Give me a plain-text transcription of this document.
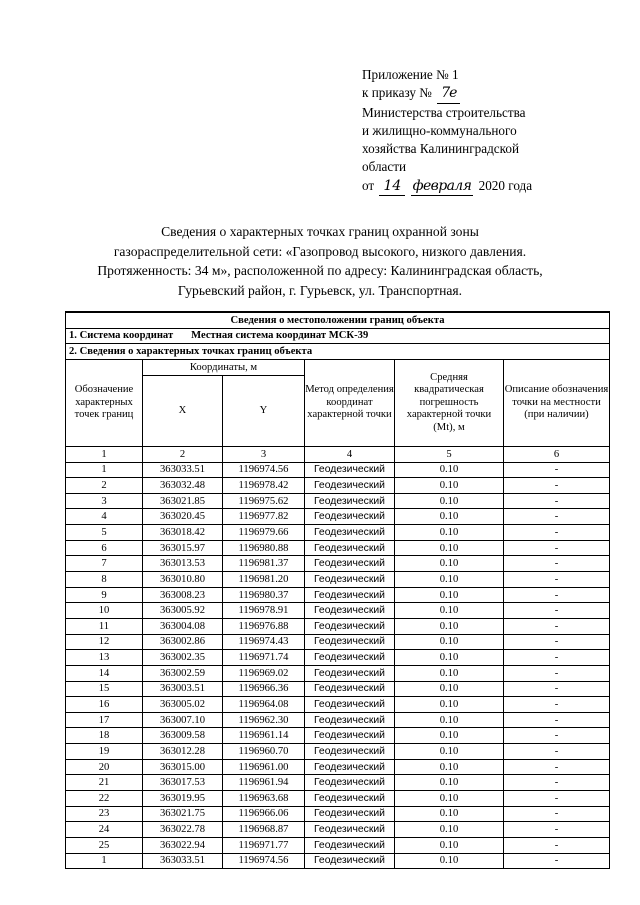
Приложение № 1
к приказу № 7е
Министерства строительства
и жилищно-коммунального
хозяйства Калининградской
области
от 14 февраля 2020 года
Сведения о характерных точках границ охранной зоны
газораспределительной сети: «Газопровод высокого, низкого давления.
Протяженность: 34 м», расположенной по адресу: Калининградская область,
Гурьевский район, г. Гурьевск, ул. Транспортная.
Сведения о местоположении границ объекта					
1. Система координат Местная система координат МСК-39					
2. Сведения о характерных точках границ объекта					
Обозначение характерных точек границ	Координаты, м		Метод определения координат характерной точки	Средняя квадратическая погрешность характерной точки (Mt), м	Описание обозначения точки на местности (при наличии)
	X	Y			
1	2	3	4	5	6
1	363033.51	1196974.56	Геодезический	0.10	-
2	363032.48	1196978.42	Геодезический	0.10	-
3	363021.85	1196975.62	Геодезический	0.10	-
4	363020.45	1196977.82	Геодезический	0.10	-
5	363018.42	1196979.66	Геодезический	0.10	-
6	363015.97	1196980.88	Геодезический	0.10	-
7	363013.53	1196981.37	Геодезический	0.10	-
8	363010.80	1196981.20	Геодезический	0.10	-
9	363008.23	1196980.37	Геодезический	0.10	-
10	363005.92	1196978.91	Геодезический	0.10	-
11	363004.08	1196976.88	Геодезический	0.10	-
12	363002.86	1196974.43	Геодезический	0.10	-
13	363002.35	1196971.74	Геодезический	0.10	-
14	363002.59	1196969.02	Геодезический	0.10	-
15	363003.51	1196966.36	Геодезический	0.10	-
16	363005.02	1196964.08	Геодезический	0.10	-
17	363007.10	1196962.30	Геодезический	0.10	-
18	363009.58	1196961.14	Геодезический	0.10	-
19	363012.28	1196960.70	Геодезический	0.10	-
20	363015.00	1196961.00	Геодезический	0.10	-
21	363017.53	1196961.94	Геодезический	0.10	-
22	363019.95	1196963.68	Геодезический	0.10	-
23	363021.75	1196966.06	Геодезический	0.10	-
24	363022.78	1196968.87	Геодезический	0.10	-
25	363022.94	1196971.77	Геодезический	0.10	-
1	363033.51	1196974.56	Геодезический	0.10	-
